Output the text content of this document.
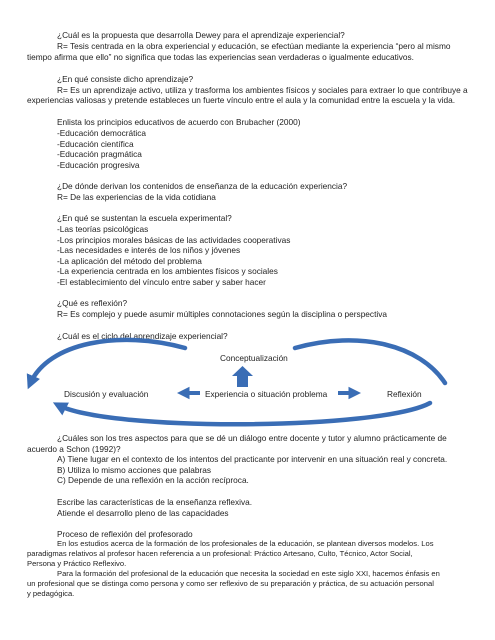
¿Cuál es la propuesta que desarrolla Dewey para el aprendizaje experiencial?
R= Tesis centrada en la obra experiencial y educación, se efectúan mediante la experiencia “pero al mismo
tiempo afirma que ello” no significa que todas las experiencias sean verdaderas o igualmente educativos.
¿En qué consiste dicho aprendizaje?
R= Es un aprendizaje activo, utiliza y trasforma los ambientes físicos y sociales para extraer lo que contribuye a
experiencias valiosas y pretende estableces un fuerte vínculo entre el aula y la comunidad entre la escuela y la vida.
Enlista los principios educativos de acuerdo con Brubacher (2000)
-Educación democrática
-Educación científica
-Educación pragmática
-Educación progresiva
¿De dónde derivan los contenidos de enseñanza de la educación experiencia?
R= De las experiencias de la vida cotidiana
¿En qué se sustentan la escuela experimental?
-Las teorías psicológicas
-Los principios morales básicas de las actividades cooperativas
-Las necesidades e interés de los niños y jóvenes
-La aplicación del método del problema
-La experiencia centrada en los ambientes físicos y sociales
-El establecimiento del vínculo entre saber y saber hacer
¿Qué es reflexión?
R= Es complejo y puede asumir múltiples connotaciones según la disciplina o perspectiva
¿Cuál es el ciclo del aprendizaje experiencial?
Conceptualización
Discusión y evaluación	Experiencia o situación problema	Reflexión
¿Cuáles son los tres aspectos para que se dé un diálogo entre docente y tutor y alumno prácticamente de
acuerdo a Schon (1992)?
A) Tiene lugar en el contexto de los intentos del practicante por intervenir en una situación real y concreta.
B) Utiliza lo mismo acciones que palabras
C) Depende de una reflexión en la acción recíproca.
Escribe las características de la enseñanza reflexiva.
Atiende el desarrollo pleno de las capacidades
Proceso de reflexión del profesorado
En los estudios acerca de la formación de los profesionales de la educación, se plantean diversos modelos. Los
paradigmas relativos al profesor hacen referencia a un profesional: Práctico Artesano, Culto, Técnico, Actor Social,
Persona y Práctico Reflexivo.
Para la formación del profesional de la educación que necesita la sociedad en este siglo XXI, hacemos énfasis en
un profesional que se distinga como persona y como ser reflexivo de su preparación y práctica, de su actuación personal
y pedagógica.
